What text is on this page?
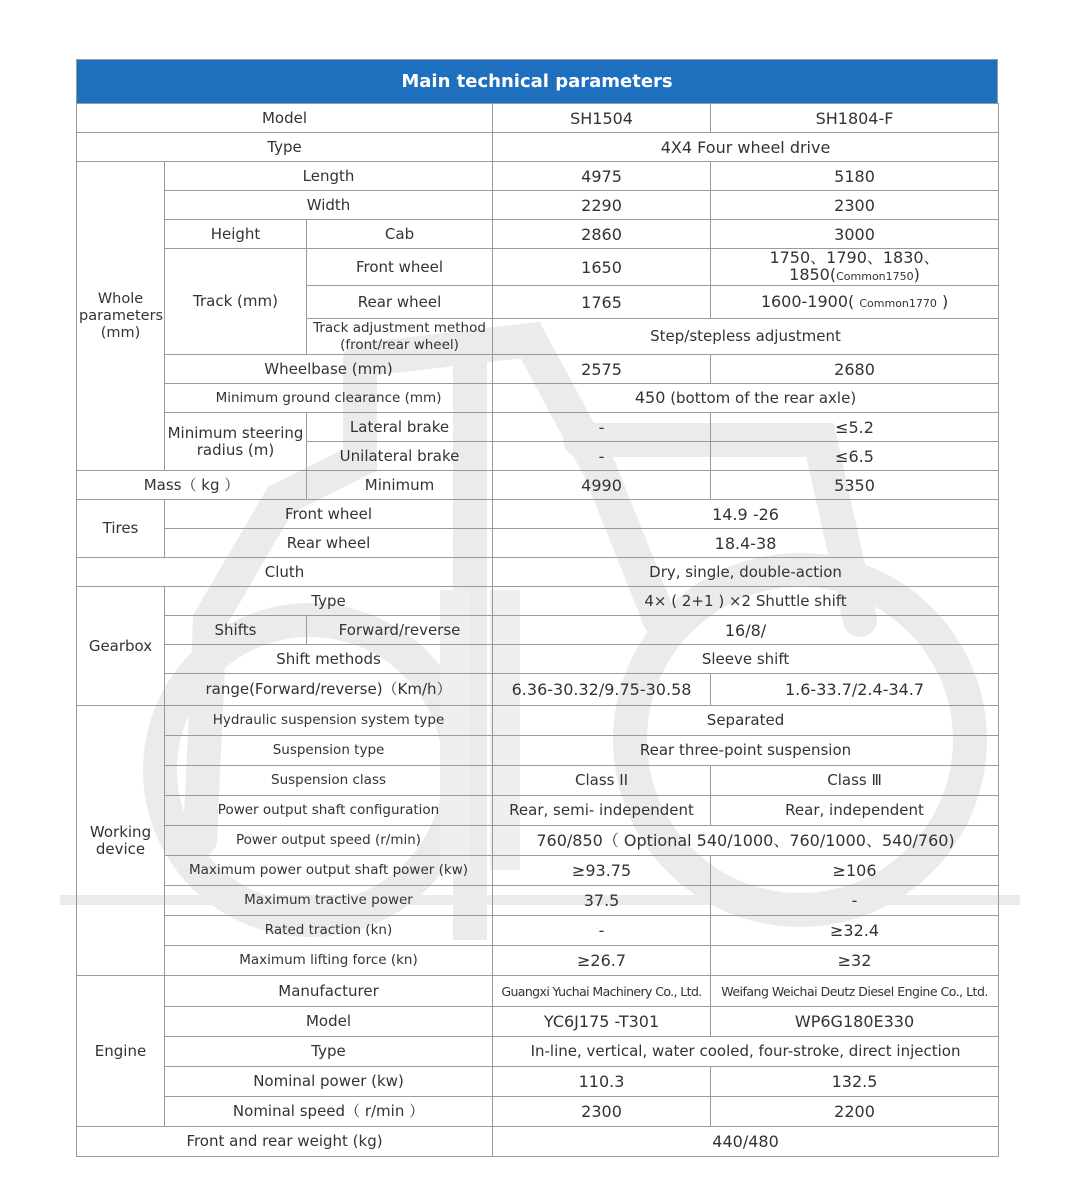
Main technical parameters
Model			SH1504	SH1804-F
Type			4X4 Four wheel drive	
Whole parameters (mm)	Length		4975	5180
	Width		2290	2300
	Height	Cab	2860	3000
	Track (mm)	Front wheel	1650	1750、1790、1830、1850(Common1750)
		Rear wheel	1765	1600-1900( Common1770 )
		Track adjustment method (front/rear wheel)	Step/stepless adjustment	
	Wheelbase (mm)		2575	2680
	Minimum ground clearance (mm)		450 (bottom of the rear axle)	
	Minimum steering radius (m)	Lateral brake	-	≤5.2
		Unilateral brake	-	≤6.5
Mass（ kg ）		Minimum	4990	5350
Tires	Front wheel		14.9 -26	
	Rear wheel		18.4-38	
Cluth			Dry, single, double-action	
Gearbox	Type		4× ( 2+1 ) ×2 Shuttle shift	
	Shifts	Forward/reverse	16/8/	
	Shift methods		Sleeve shift	
	range(Forward/reverse)（Km/h）		6.36-30.32/9.75-30.58	1.6-33.7/2.4-34.7
Working device	Hydraulic suspension system type		Separated	
	Suspension type		Rear three-point suspension	
	Suspension class		Class II	Class Ⅲ
	Power output shaft configuration		Rear, semi- independent	Rear, independent
	Power output speed (r/min)		760/850（ Optional 540/1000、760/1000、540/760)	
	Maximum power output shaft power (kw)		≥93.75	≥106
	Maximum tractive power		37.5	-
	Rated traction (kn)		-	≥32.4
	Maximum lifting force (kn)		≥26.7	≥32
Engine	Manufacturer		Guangxi Yuchai Machinery Co., Ltd.	Weifang Weichai Deutz Diesel Engine Co., Ltd.
	Model		YC6J175 -T301	WP6G180E330
	Type		In-line, vertical, water cooled, four-stroke, direct injection	
	Nominal power (kw)		110.3	132.5
	Nominal speed（ r/min ）		2300	2200
Front and rear weight (kg)			440/480	
